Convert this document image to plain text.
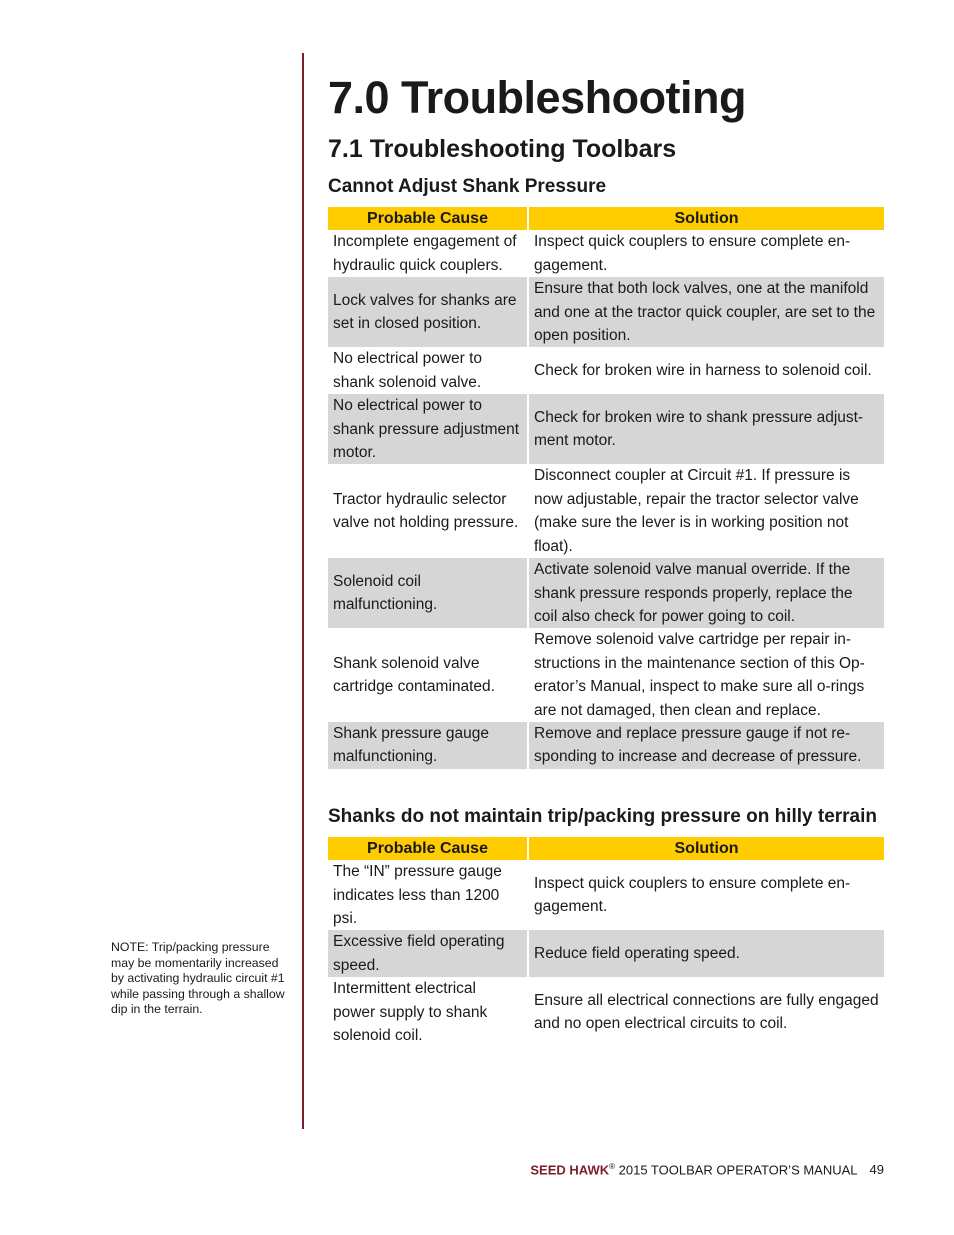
NOTE: Trip/packing pressure may be momentarily increased by activating hydraulic circuit #1 while passing through a shallow dip in the terrain.
7.0 Troubleshooting
7.1 Troubleshooting Toolbars
Cannot Adjust Shank Pressure
Probable Cause	Solution
Incomplete engagement of hydraulic quick couplers.	Inspect quick couplers to ensure complete en-gagement.
Lock valves for shanks are set in closed position.	Ensure that both lock valves, one at the manifold and one at the tractor quick coupler, are set to the open position.
No electrical power to shank solenoid valve.	Check for broken wire in harness to solenoid coil.
No electrical power to shank pressure adjustment motor.	Check for broken wire to shank pressure adjust-ment motor.
Tractor hydraulic selector valve not holding pressure.	Disconnect coupler at Circuit #1. If pressure is now adjustable, repair the tractor selector valve (make sure the lever is in working position not float).
Solenoid coil malfunctioning.	Activate solenoid valve manual override. If the shank pressure responds properly, replace the coil also check for power going to coil.
Shank solenoid valve cartridge contaminated.	Remove solenoid valve cartridge per repair in-structions in the maintenance section of this Op-erator’s Manual, inspect to make sure all o-rings are not damaged, then clean and replace.
Shank pressure gauge malfunctioning.	Remove and replace pressure gauge if not re-sponding to increase and decrease of pressure.
Shanks do not maintain trip/packing pressure on hilly terrain
Probable Cause	Solution
The “IN” pressure gauge indicates less than 1200 psi.	Inspect quick couplers to ensure complete en-gagement.
Excessive field operating speed.	Reduce field operating speed.
Intermittent electrical power supply to shank solenoid coil.	Ensure all electrical connections are fully engaged and no open electrical circuits to coil.
SEED HAWK® 2015 TOOLBAR OPERATOR’S MANUAL 49
